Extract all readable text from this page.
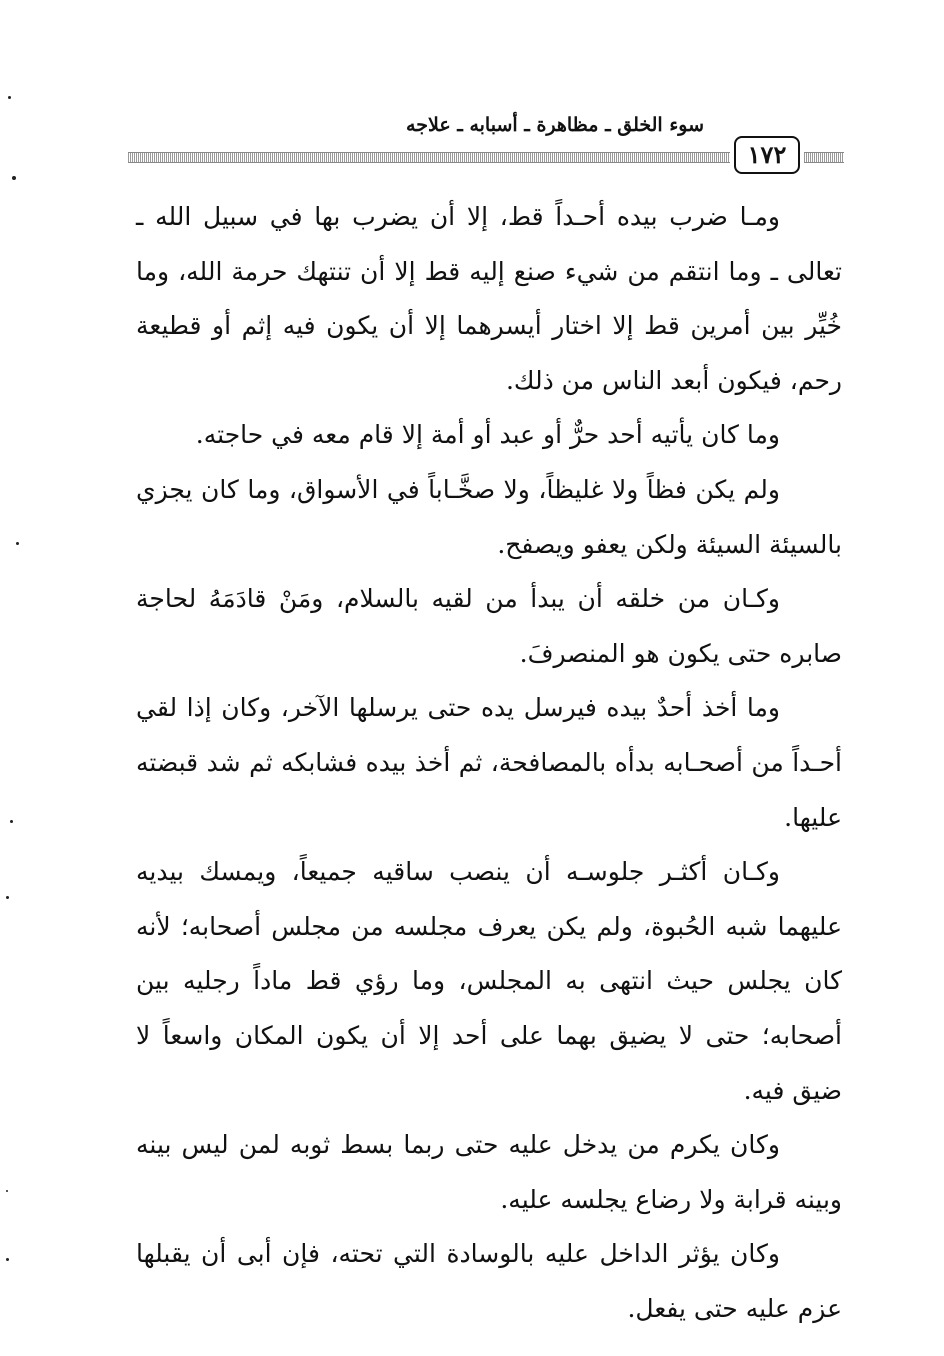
سوء الخلق ـ مظاهرة ـ أسبابه ـ علاجه
١٧٢

ومـا ضرب بيده أحـداً قط، إلا أن يضرب بها في سبيل الله ـ تعالى ـ وما انتقم من شيء صنع إليه قط إلا أن تنتهك حرمة الله، وما خُيِّر بين أمرين قط إلا اختار أيسرهما إلا أن يكون فيه إثم أو قطيعة رحم، فيكون أبعد الناس من ذلك.

وما كان يأتيه أحد حرٌّ أو عبد أو أمة إلا قام معه في حاجته.

ولم يكن فظاً ولا غليظاً، ولا صخَّـاباً في الأسواق، وما كان يجزي بالسيئة السيئة ولكن يعفو ويصفح.

وكـان من خلقه أن يبدأ من لقيه بالسلام، ومَنْ قادَمَهُ لحاجة صابره حتى يكون هو المنصرفَ.

وما أخذ أحدٌ بيده فيرسل يده حتى يرسلها الآخر، وكان إذا لقي أحـداً من أصحـابه بدأه بالمصافحة، ثم أخذ بيده فشابكه ثم شد قبضته عليها.

وكـان أكثـر جلوسـه أن ينصب ساقيه جميعاً، ويمسك بيديه عليهما شبه الحُبوة، ولم يكن يعرف مجلسه من مجلس أصحابه؛ لأنه كان يجلس حيث انتهى به المجلس، وما رؤي قط ماداً رجليه بين أصحابه؛ حتى لا يضيق بهما على أحد إلا أن يكون المكان واسعاً لا ضيق فيه.

وكان يكرم من يدخل عليه حتى ربما بسط ثوبه لمن ليس بينه وبينه قرابة ولا رضاع يجلسه عليه.

وكان يؤثر الداخل عليه بالوسادة التي تحته، فإن أبى أن يقبلها عزم عليه حتى يفعل.
